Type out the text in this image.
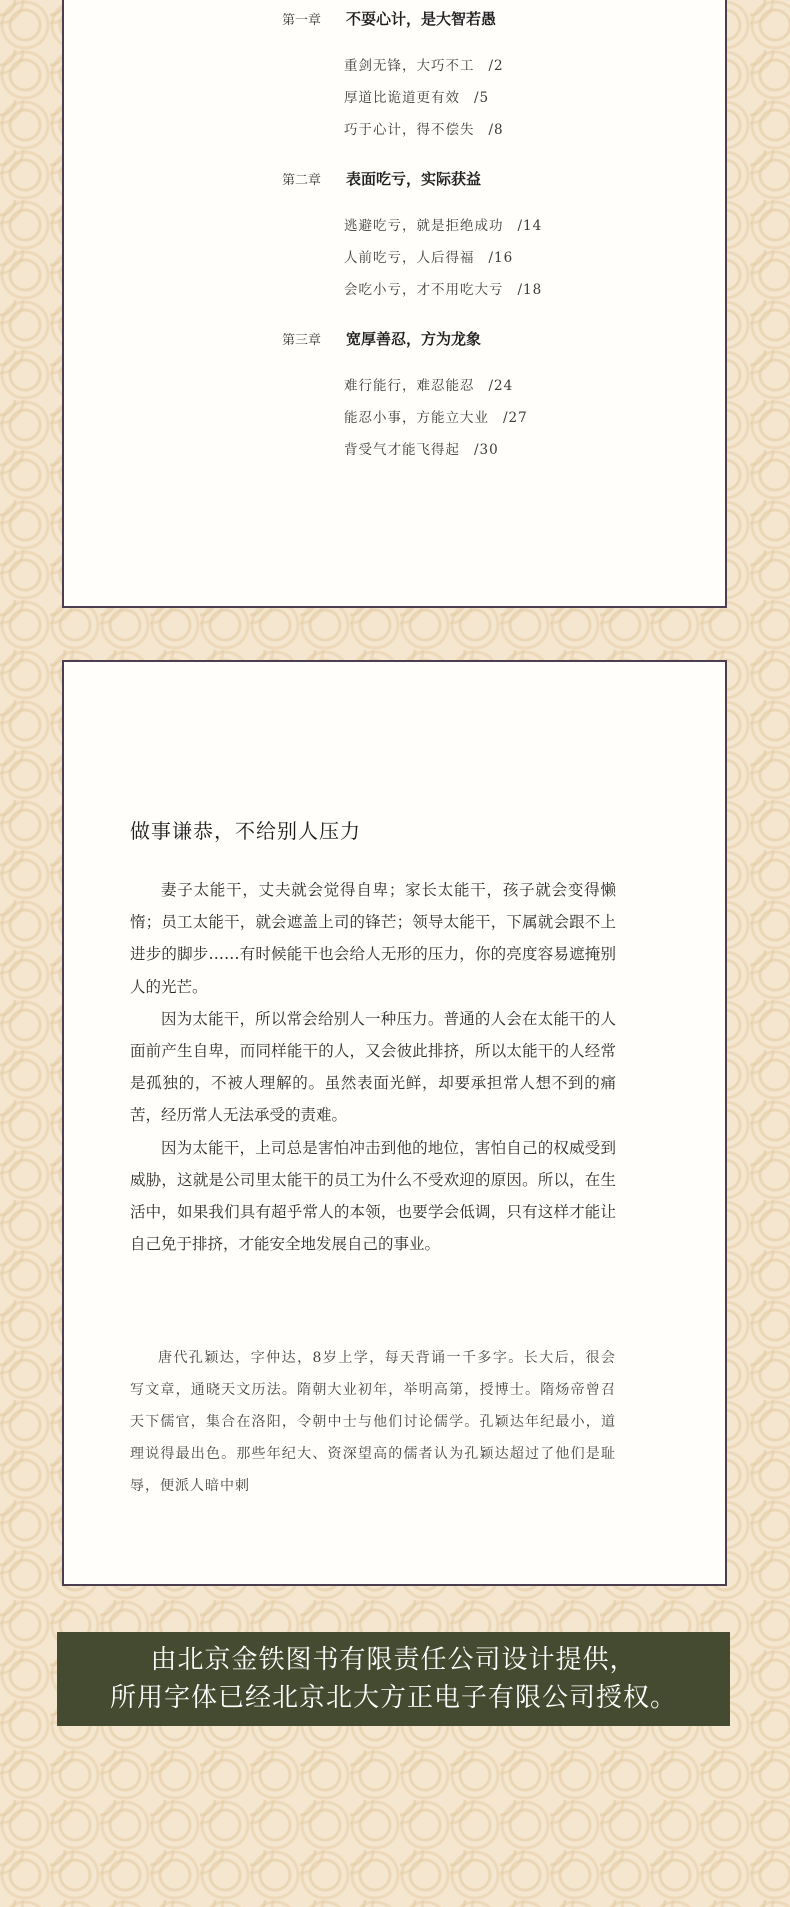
第一章 不耍心计，是大智若愚
重剑无锋，大巧不工 /2
厚道比诡道更有效 /5
巧于心计，得不偿失 /8
第二章 表面吃亏，实际获益
逃避吃亏，就是拒绝成功 /14
人前吃亏，人后得福 /16
会吃小亏，才不用吃大亏 /18
第三章 宽厚善忍，方为龙象
难行能行，难忍能忍 /24
能忍小事，方能立大业 /27
背受气才能飞得起 /30
做事谦恭，不给别人压力

妻子太能干，丈夫就会觉得自卑；家长太能干，孩子就会变得懒惰；员工太能干，就会遮盖上司的锋芒；领导太能干，下属就会跟不上进步的脚步……有时候能干也会给人无形的压力，你的亮度容易遮掩别人的光芒。

因为太能干，所以常会给别人一种压力。普通的人会在太能干的人面前产生自卑，而同样能干的人，又会彼此排挤，所以太能干的人经常是孤独的，不被人理解的。虽然表面光鲜，却要承担常人想不到的痛苦，经历常人无法承受的责难。

因为太能干，上司总是害怕冲击到他的地位，害怕自己的权威受到威胁，这就是公司里太能干的员工为什么不受欢迎的原因。所以，在生活中，如果我们具有超乎常人的本领，也要学会低调，只有这样才能让自己免于排挤，才能安全地发展自己的事业。

唐代孔颖达，字仲达，8岁上学，每天背诵一千多字。长大后，很会写文章，通晓天文历法。隋朝大业初年，举明高第，授博士。隋炀帝曾召天下儒官，集合在洛阳，令朝中士与他们讨论儒学。孔颖达年纪最小，道理说得最出色。那些年纪大、资深望高的儒者认为孔颖达超过了他们是耻辱，便派人暗中刺

由北京金铁图书有限责任公司设计提供，
所用字体已经北京北大方正电子有限公司授权。
